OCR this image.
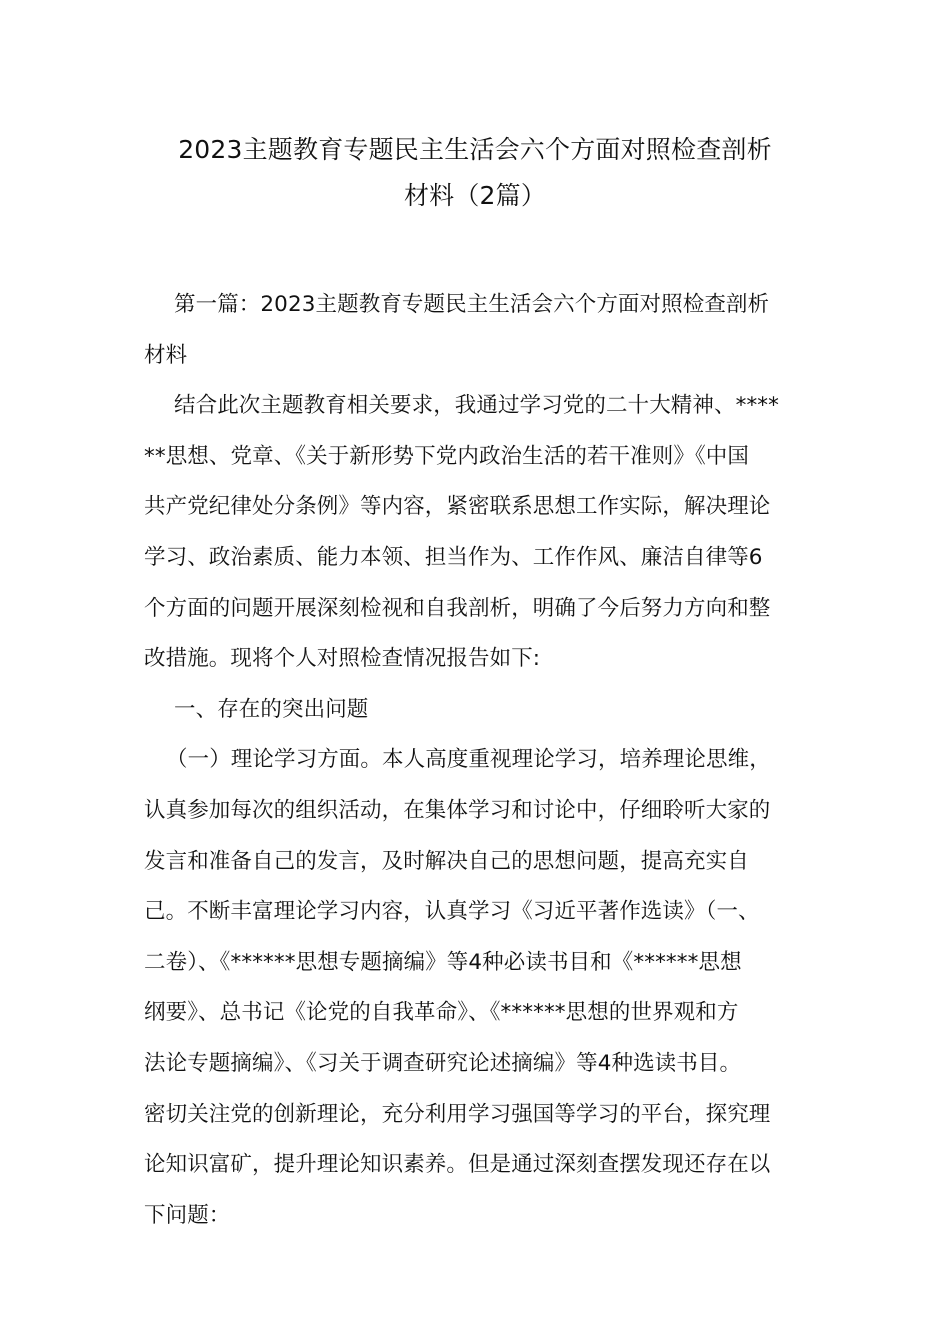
2023主题教育专题民主生活会六个方面对照检查剖析
材料（2篇）
第一篇：2023主题教育专题民主生活会六个方面对照检查剖析
材料
结合此次主题教育相关要求，我通过学习党的二十大精神、****
**思想、党章、《关于新形势下党内政治生活的若干准则》《中国
共产党纪律处分条例》等内容，紧密联系思想工作实际，解决理论
学习、政治素质、能力本领、担当作为、工作作风、廉洁自律等6
个方面的问题开展深刻检视和自我剖析，明确了今后努力方向和整
改措施。现将个人对照检查情况报告如下:
一、存在的突出问题
（一）理论学习方面。本人高度重视理论学习，培养理论思维，
认真参加每次的组织活动，在集体学习和讨论中，仔细聆听大家的
发言和准备自己的发言，及时解决自己的思想问题，提高充实自
己。不断丰富理论学习内容，认真学习《习近平著作选读》（一、
二卷）、《******思想专题摘编》等4种必读书目和《******思想
纲要》、总书记《论党的自我革命》、《******思想的世界观和方
法论专题摘编》、《习关于调查研究论述摘编》等4种选读书目。
密切关注党的创新理论，充分利用学习强国等学习的平台，探究理
论知识富矿，提升理论知识素养。但是通过深刻查摆发现还存在以
下问题：
